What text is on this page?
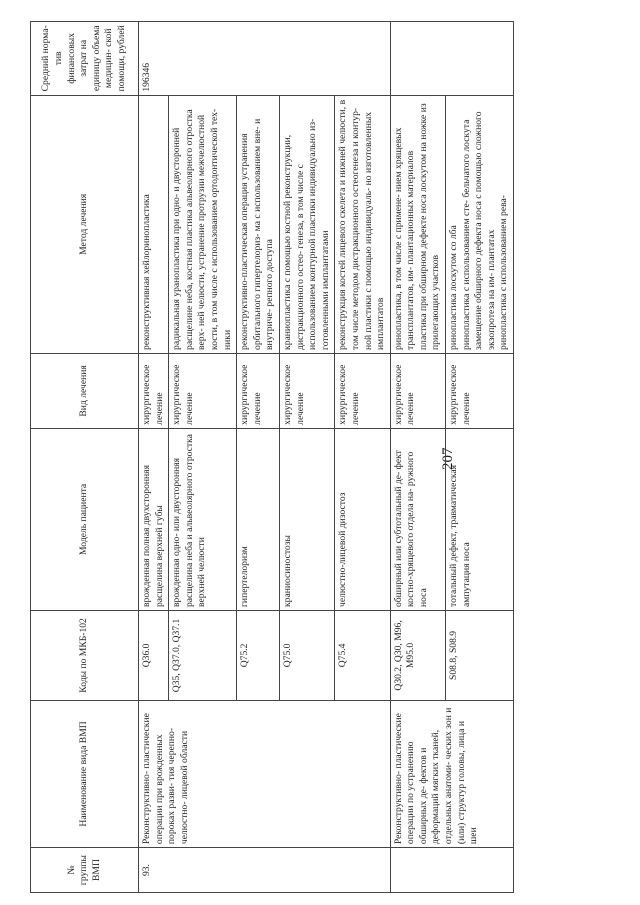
207
№ группы ВМП	Наименование вида ВМП	Коды по МКБ-102	Модель пациента	Вид лечения	Метод лечения	Средний норма- тив финансовых затрат на единицу объема медицин- ской помощи, рублей
93.	Реконструктивно- пластические операции при врожденных пороках разви- тия черепно-челюстно- лицевой области	Q36.0	врожденная полная двухсторонняя расщелина верхней губы	хирургическое лечение	реконструктивная хейлоринопластика	196346
		Q35, Q37.0, Q37.1	врожденная одно- или двусторонняя расщелина неба и альвеолярного отростка верхней челюсти	хирургическое лечение	радикальная уранопластика при одно- и двусторонней расщелине неба, костная пластика альвеолярного отростка верх- ней челюсти, устранение протрузии межчелюстной кости, в том числе с использованием ортодонтической тех- ники	
		Q75.2	гипертелоризм	хирургическое лечение	реконструктивно-пластическая операция устранения орбитального гипертелориз- ма с использованием вне- и внутриче- репного доступа	
		Q75.0	краниосиностозы	хирургическое лечение	краниопластика с помощью костной реконструкции, дистракционного остео- генеза, в том числе с использованием контурной пластики индивидуально из- готовленными имплантатами	
		Q75.4	челюстно-лицевой дизостоз	хирургическое лечение	реконструкция костей лицевого скелета и нижней челюсти, в том числе методом дистракционного остеогенеза и контур- ной пластики с помощью индивидуаль- но изготовленных имплантатов	
	Реконструктивно- пластические операции по устранению обширных де- фектов и деформаций мягких тканей, отдельных анатоми- ческих зон и (или) структур головы, лица и шеи	Q30.2, Q30, M96, M95.0	обширный или субтотальный де- фект костно-хрящевого отдела на- ружного носа	хирургическое лечение	ринопластика, в том числе с примене- нием хрящевых трансплантатов, им- плантационных материалов пластика при обширном дефекте носа лоскутом на ножке из прилегающих участков	

		S08.8, S08.9	тотальный дефект, травматическая ампутация носа	хирургическое лечение	ринопластика лоскутом со лба ринопластика с использованием сте- бельчатого лоскута замещение обширного дефекта носа с помощью сложного экзопротеза на им- плантатах ринопластика с использованием рева-	
